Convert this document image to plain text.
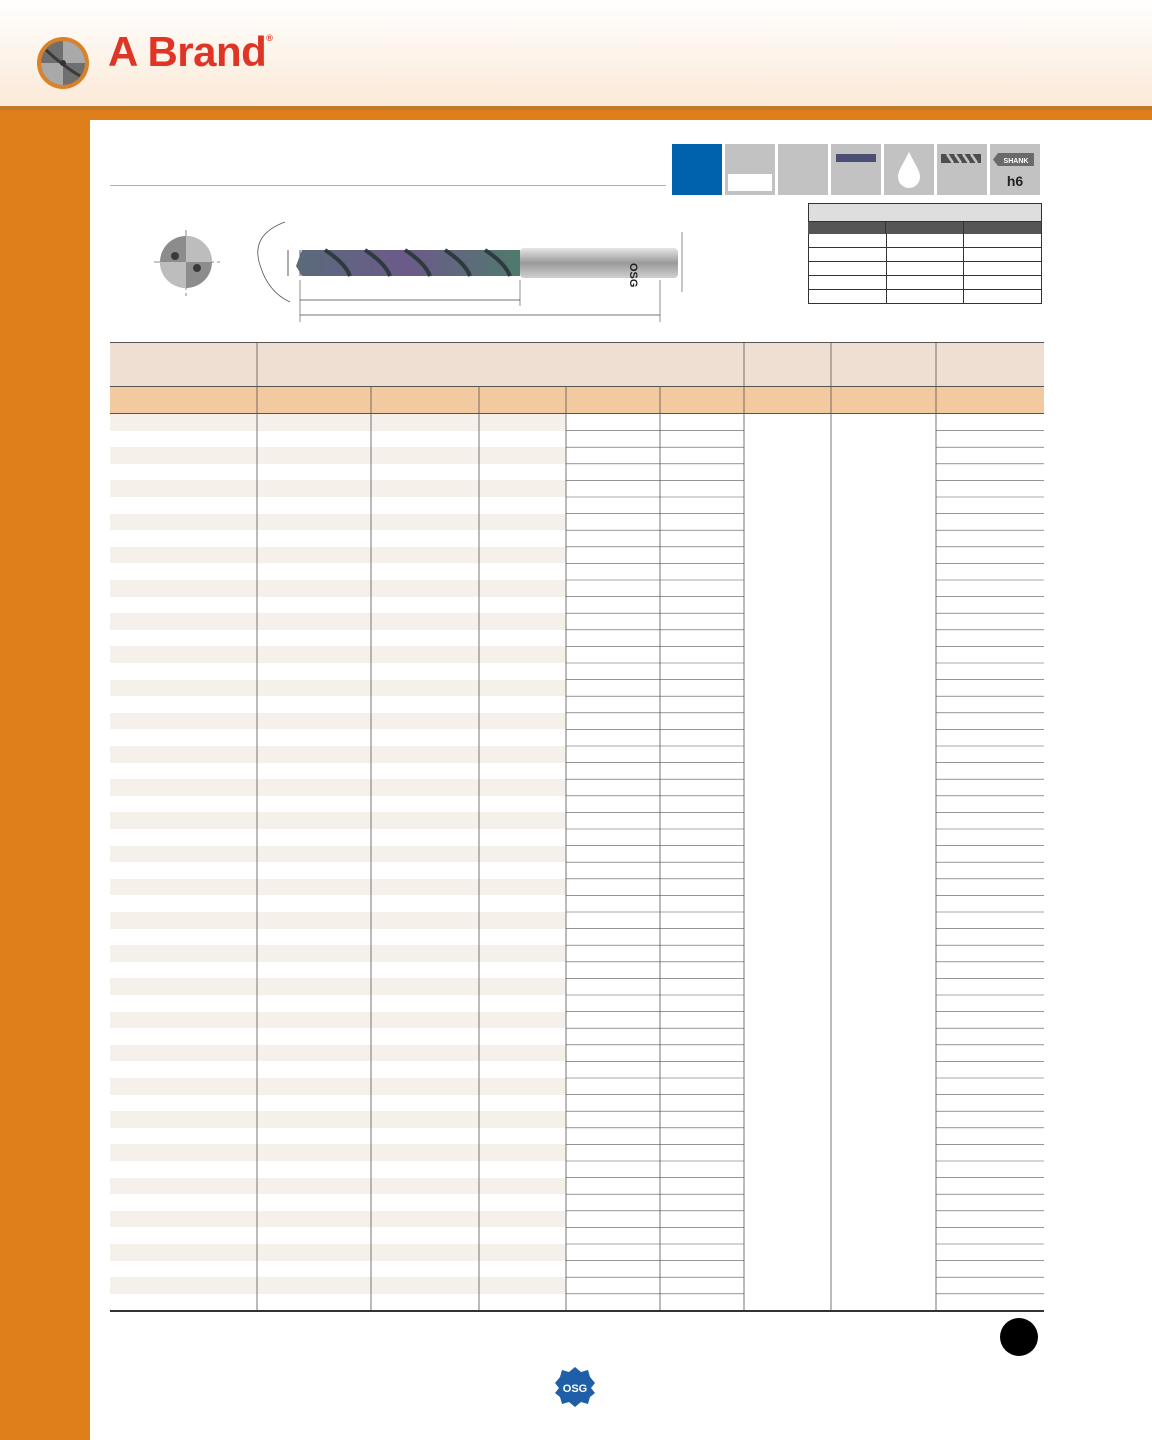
A Brand®
SHANK
h6
OSG
OSG
